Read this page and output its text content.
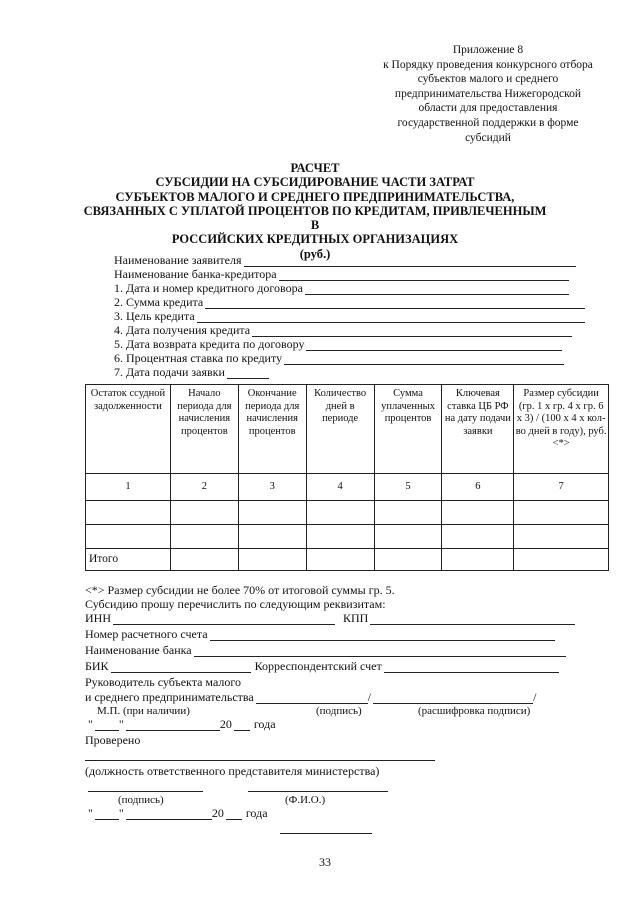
Приложение 8
к Порядку проведения конкурсного отбора субъектов малого и среднего предпринимательства Нижегородской области для предоставления государственной поддержки в форме субсидий
РАСЧЕТ
СУБСИДИИ НА СУБСИДИРОВАНИЕ ЧАСТИ ЗАТРАТ
СУБЪЕКТОВ МАЛОГО И СРЕДНЕГО ПРЕДПРИНИМАТЕЛЬСТВА,
СВЯЗАННЫХ С УПЛАТОЙ ПРОЦЕНТОВ ПО КРЕДИТАМ, ПРИВЛЕЧЕННЫМ В
РОССИЙСКИХ КРЕДИТНЫХ ОРГАНИЗАЦИЯХ
(руб.)
Наименование заявителя
Наименование банка-кредитора
1. Дата и номер кредитного договора
2. Сумма кредита
3. Цель кредита
4. Дата получения кредита
5. Дата возврата кредита по договору
6. Процентная ставка по кредиту
7. Дата подачи заявки
Остаток ссудной задолженности	Начало периода для начисления процентов	Окончание периода для начисления процентов	Количество дней в периоде	Сумма уплаченных процентов	Ключевая ставка ЦБ РФ на дату подачи заявки	Размер субсидии (гр. 1 х гр. 4 х гр. 6 х 3) / (100 х 4 х кол-во дней в году), руб. <*>
1	2	3	4	5	6	7

Итого						
<*> Размер субсидии не более 70% от итоговой суммы гр. 5.
Субсидию прошу перечислить по следующим реквизитам:
ИНН	КПП
Номер расчетного счета
Наименование банка
БИК	Корреспондентский счет
Руководитель субъекта малого
и среднего предпринимательства	/	/
М.П. (при наличии)	(подпись)	(расшифровка подписи)
" "	20 года
Проверено
(должность ответственного представителя министерства)
(подпись)	(Ф.И.О.)
" "	20 года
33
